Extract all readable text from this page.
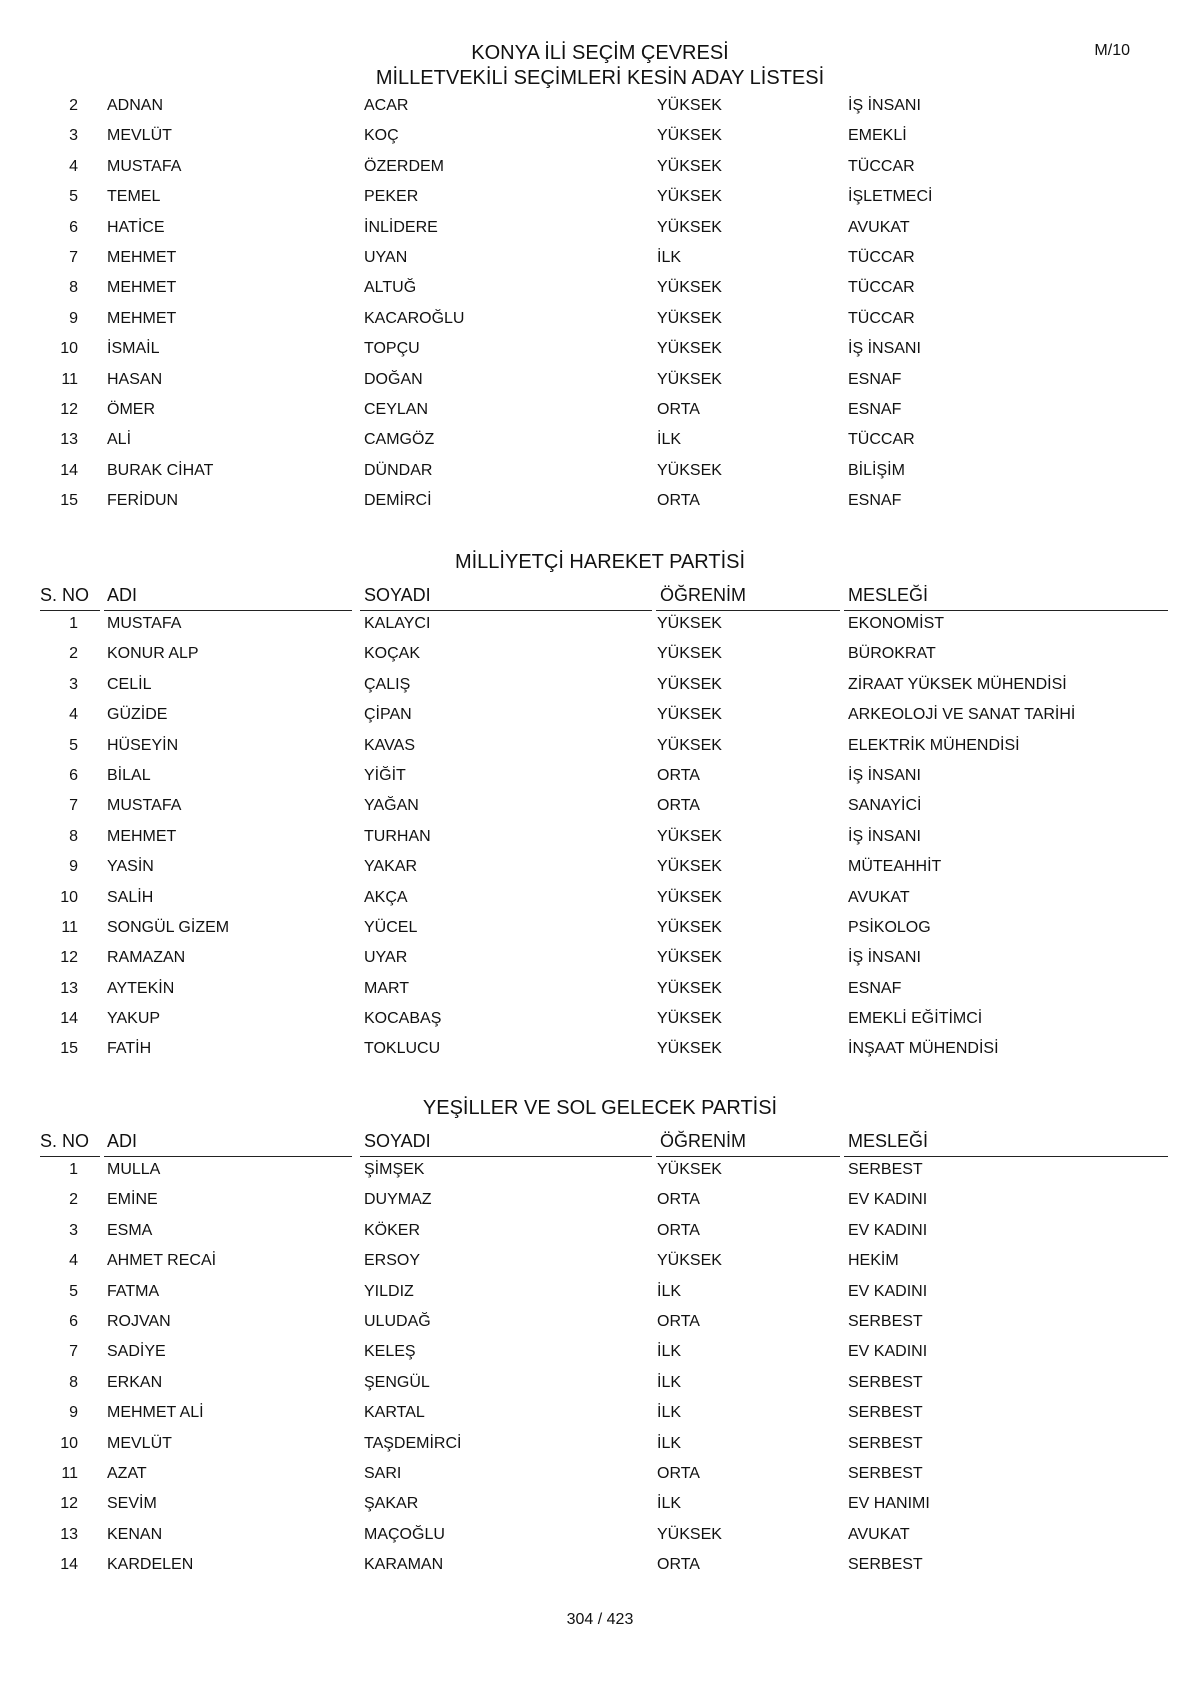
M/10
KONYA İLİ SEÇİM ÇEVRESİ
MİLLETVEKİLİ SEÇİMLERİ KESİN ADAY LİSTESİ
2 ADNAN	ACAR	YÜKSEK	İŞ İNSANI
3 MEVLÜT	KOÇ	YÜKSEK	EMEKLİ
4 MUSTAFA	ÖZERDEM	YÜKSEK	TÜCCAR
5 TEMEL	PEKER	YÜKSEK	İŞLETMECİ
6 HATİCE	İNLİDERE	YÜKSEK	AVUKAT
7 MEHMET	UYAN	İLK	TÜCCAR
8 MEHMET	ALTUĞ	YÜKSEK	TÜCCAR
9 MEHMET	KACAROĞLU	YÜKSEK	TÜCCAR
10 İSMAİL	TOPÇU	YÜKSEK	İŞ İNSANI
11 HASAN	DOĞAN	YÜKSEK	ESNAF
12 ÖMER	CEYLAN	ORTA	ESNAF
13 ALİ	CAMGÖZ	İLK	TÜCCAR
14 BURAK CİHAT	DÜNDAR	YÜKSEK	BİLİŞİM
15 FERİDUN	DEMİRCİ	ORTA	ESNAF
MİLLİYETÇİ HAREKET PARTİSİ
S. NO ADI	SOYADI	ÖĞRENİM	MESLEĞİ
1 MUSTAFA	KALAYCI	YÜKSEK	EKONOMİST
2 KONUR ALP	KOÇAK	YÜKSEK	BÜROKRAT
3 CELİL	ÇALIŞ	YÜKSEK	ZİRAAT YÜKSEK MÜHENDİSİ
4 GÜZİDE	ÇİPAN	YÜKSEK	ARKEOLOJİ VE SANAT TARİHİ
5 HÜSEYİN	KAVAS	YÜKSEK	ELEKTRİK MÜHENDİSİ
6 BİLAL	YİĞİT	ORTA	İŞ İNSANI
7 MUSTAFA	YAĞAN	ORTA	SANAYİCİ
8 MEHMET	TURHAN	YÜKSEK	İŞ İNSANI
9 YASİN	YAKAR	YÜKSEK	MÜTEAHHİT
10 SALİH	AKÇA	YÜKSEK	AVUKAT
11 SONGÜL GİZEM	YÜCEL	YÜKSEK	PSİKOLOG
12 RAMAZAN	UYAR	YÜKSEK	İŞ İNSANI
13 AYTEKİN	MART	YÜKSEK	ESNAF
14 YAKUP	KOCABAŞ	YÜKSEK	EMEKLİ EĞİTİMCİ
15 FATİH	TOKLUCU	YÜKSEK	İNŞAAT MÜHENDİSİ
YEŞİLLER VE SOL GELECEK PARTİSİ
S. NO ADI	SOYADI	ÖĞRENİM	MESLEĞİ
1 MULLA	ŞİMŞEK	YÜKSEK	SERBEST
2 EMİNE	DUYMAZ	ORTA	EV KADINI
3 ESMA	KÖKER	ORTA	EV KADINI
4 AHMET RECAİ	ERSOY	YÜKSEK	HEKİM
5 FATMA	YILDIZ	İLK	EV KADINI
6 ROJVAN	ULUDAĞ	ORTA	SERBEST
7 SADİYE	KELEŞ	İLK	EV KADINI
8 ERKAN	ŞENGÜL	İLK	SERBEST
9 MEHMET ALİ	KARTAL	İLK	SERBEST
10 MEVLÜT	TAŞDEMİRCİ	İLK	SERBEST
11 AZAT	SARI	ORTA	SERBEST
12 SEVİM	ŞAKAR	İLK	EV HANIMI
13 KENAN	MAÇOĞLU	YÜKSEK	AVUKAT
14 KARDELEN	KARAMAN	ORTA	SERBEST
304 / 423
